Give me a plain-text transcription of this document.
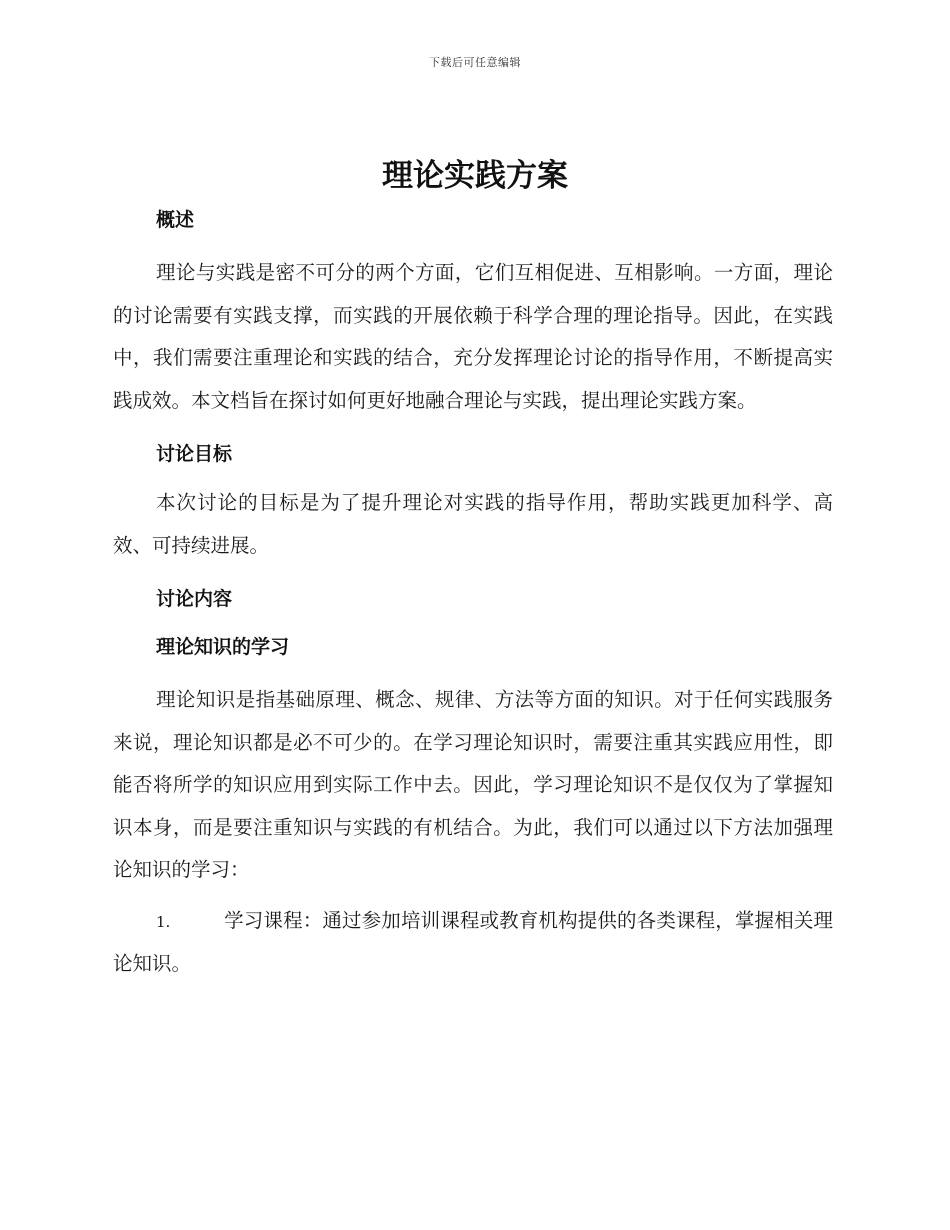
下载后可任意编辑
理论实践方案
概述

理论与实践是密不可分的两个方面，它们互相促进、互相影响。一方面，理论的讨论需要有实践支撑，而实践的开展依赖于科学合理的理论指导。因此，在实践中，我们需要注重理论和实践的结合，充分发挥理论讨论的指导作用，不断提高实践成效。本文档旨在探讨如何更好地融合理论与实践，提出理论实践方案。

讨论目标

本次讨论的目标是为了提升理论对实践的指导作用，帮助实践更加科学、高效、可持续进展。

讨论内容
理论知识的学习

理论知识是指基础原理、概念、规律、方法等方面的知识。对于任何实践服务来说，理论知识都是必不可少的。在学习理论知识时，需要注重其实践应用性，即能否将所学的知识应用到实际工作中去。因此，学习理论知识不是仅仅为了掌握知识本身，而是要注重知识与实践的有机结合。为此，我们可以通过以下方法加强理论知识的学习：

1.	学习课程：通过参加培训课程或教育机构提供的各类课程，掌握相关理论知识。
